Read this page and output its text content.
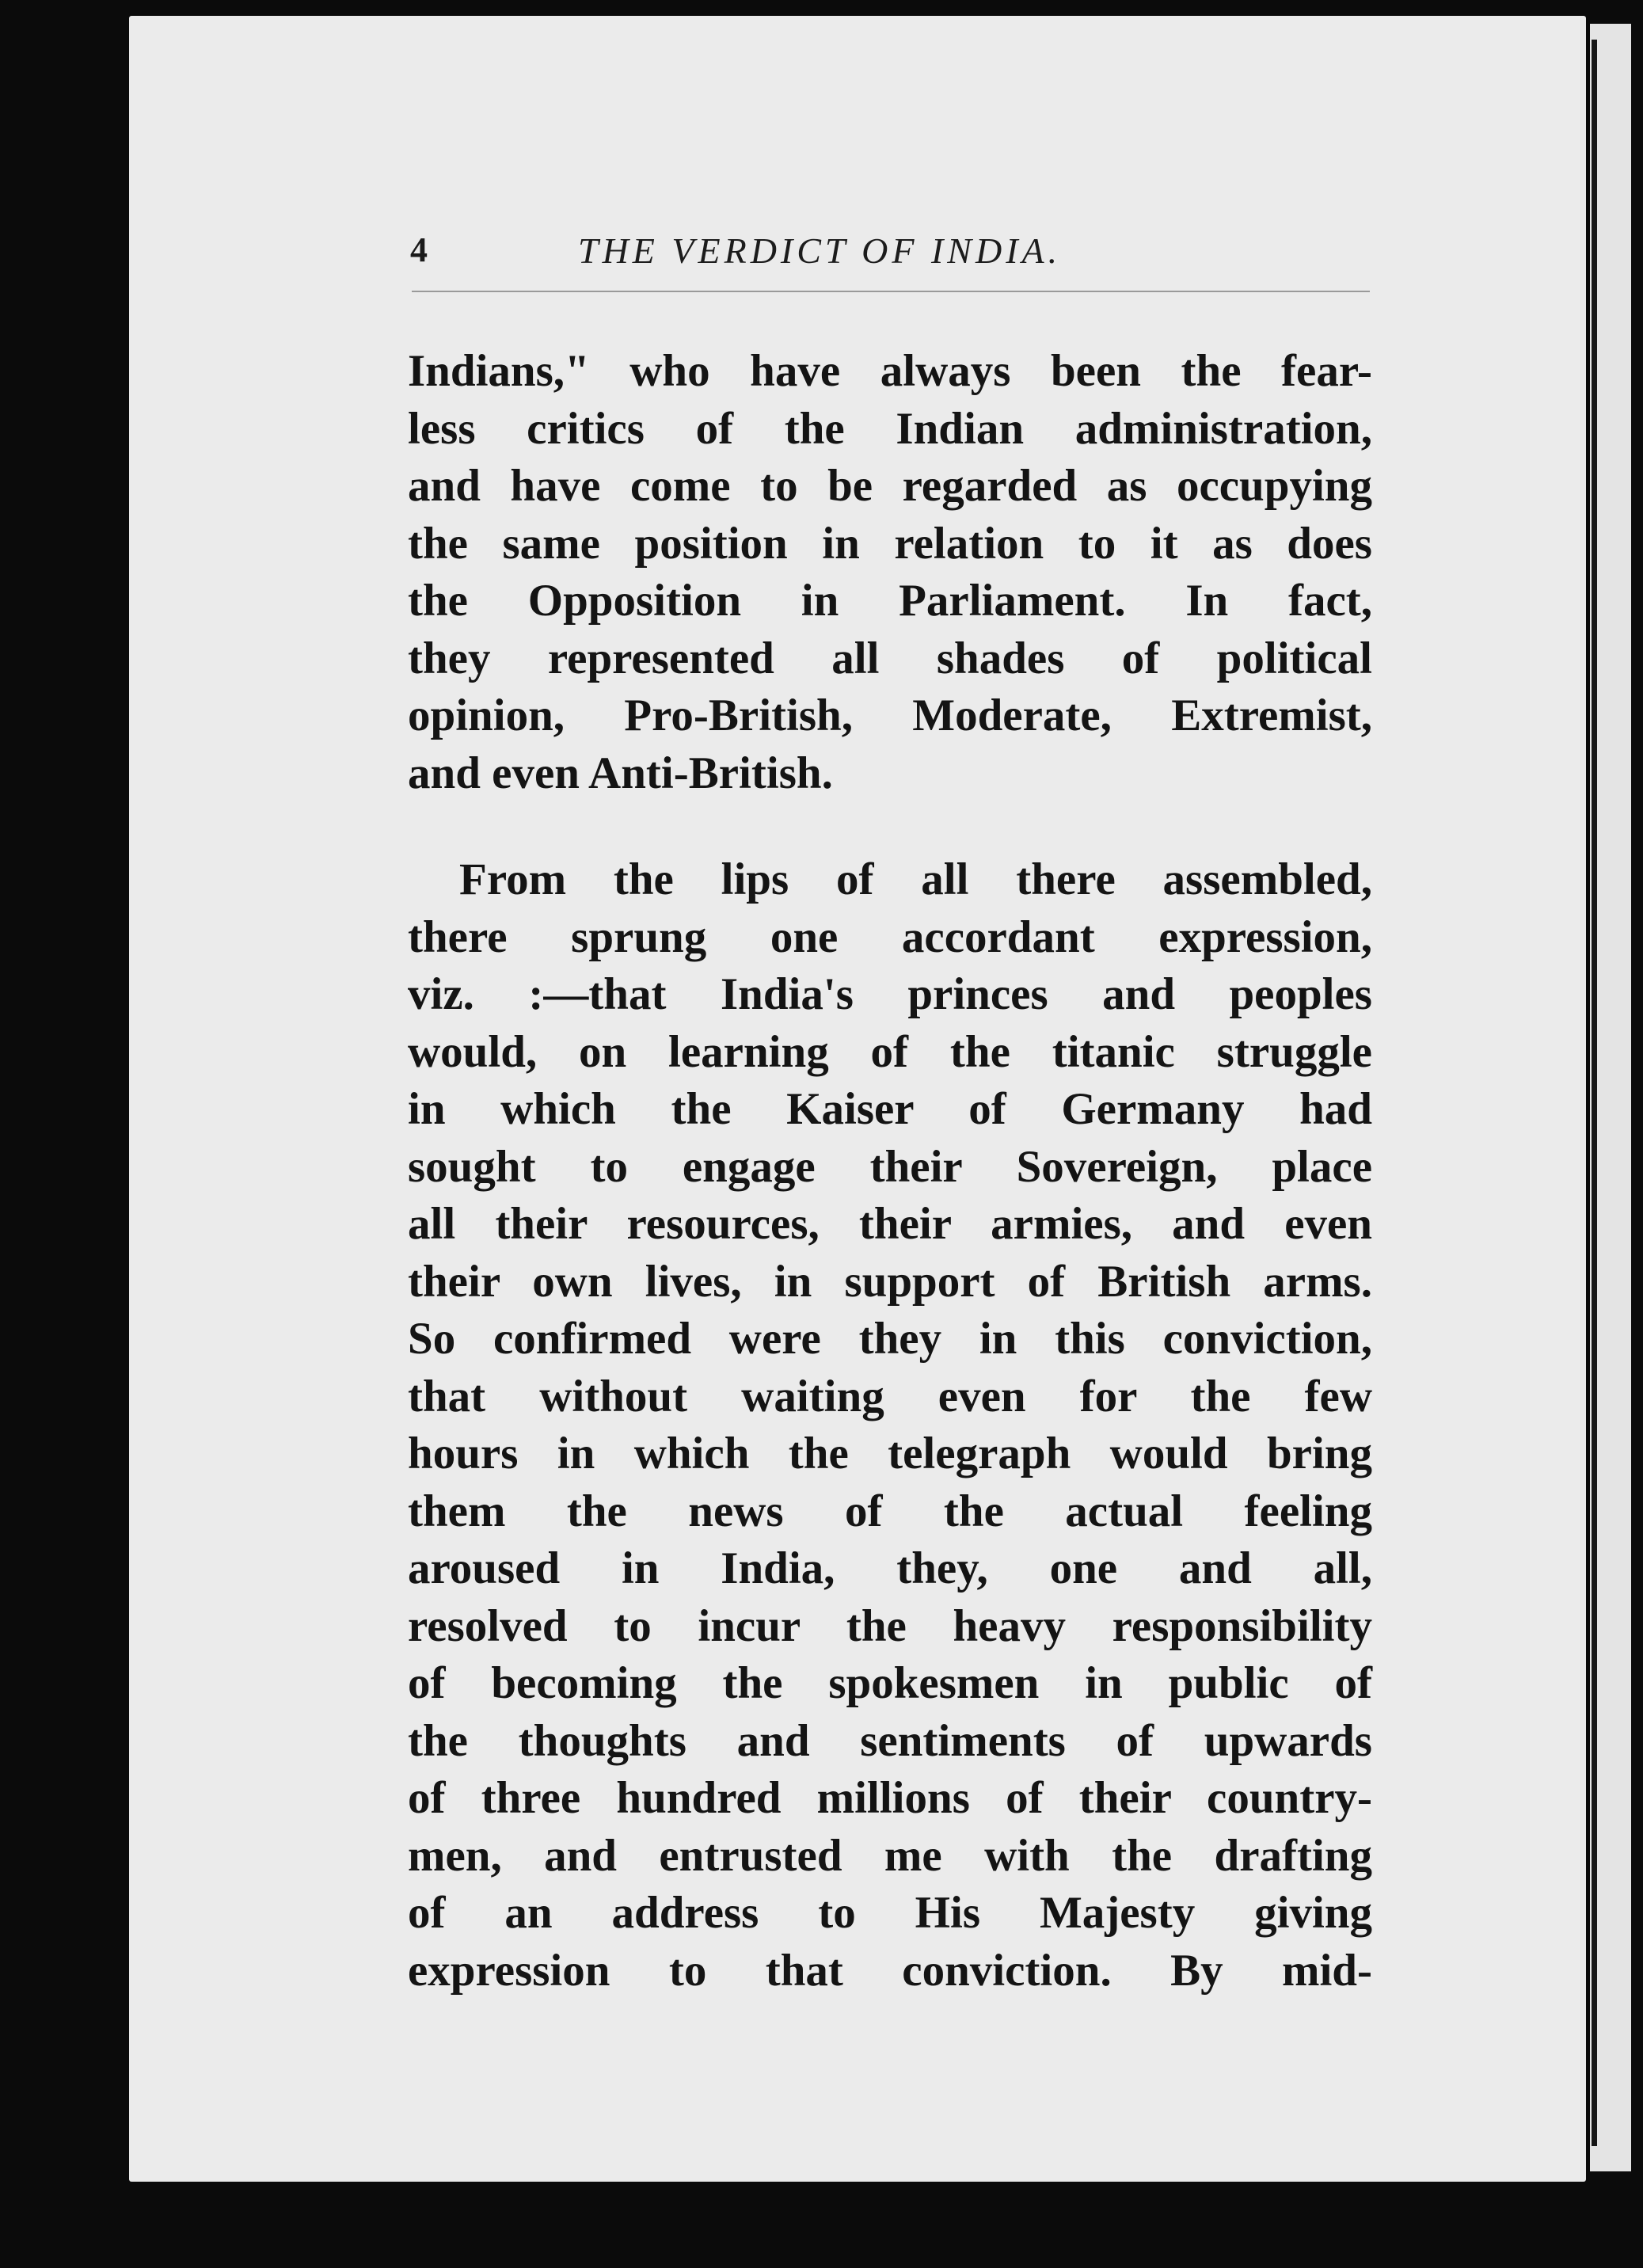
4	THE VERDICT OF INDIA.
Indians," who have always been the fear-
less critics of the Indian administration,
and have come to be regarded as occupying
the same position in relation to it as does
the Opposition in Parliament. In fact,
they represented all shades of political
opinion, Pro-British, Moderate, Extremist,
and even Anti-British.
From the lips of all there assembled,
there sprung one accordant expression,
viz. :—that India's princes and peoples
would, on learning of the titanic struggle
in which the Kaiser of Germany had
sought to engage their Sovereign, place
all their resources, their armies, and even
their own lives, in support of British arms.
So confirmed were they in this conviction,
that without waiting even for the few
hours in which the telegraph would bring
them the news of the actual feeling
aroused in India, they, one and all,
resolved to incur the heavy responsibility
of becoming the spokesmen in public of
the thoughts and sentiments of upwards
of three hundred millions of their country-
men, and entrusted me with the drafting
of an address to His Majesty giving
expression to that conviction. By mid-
